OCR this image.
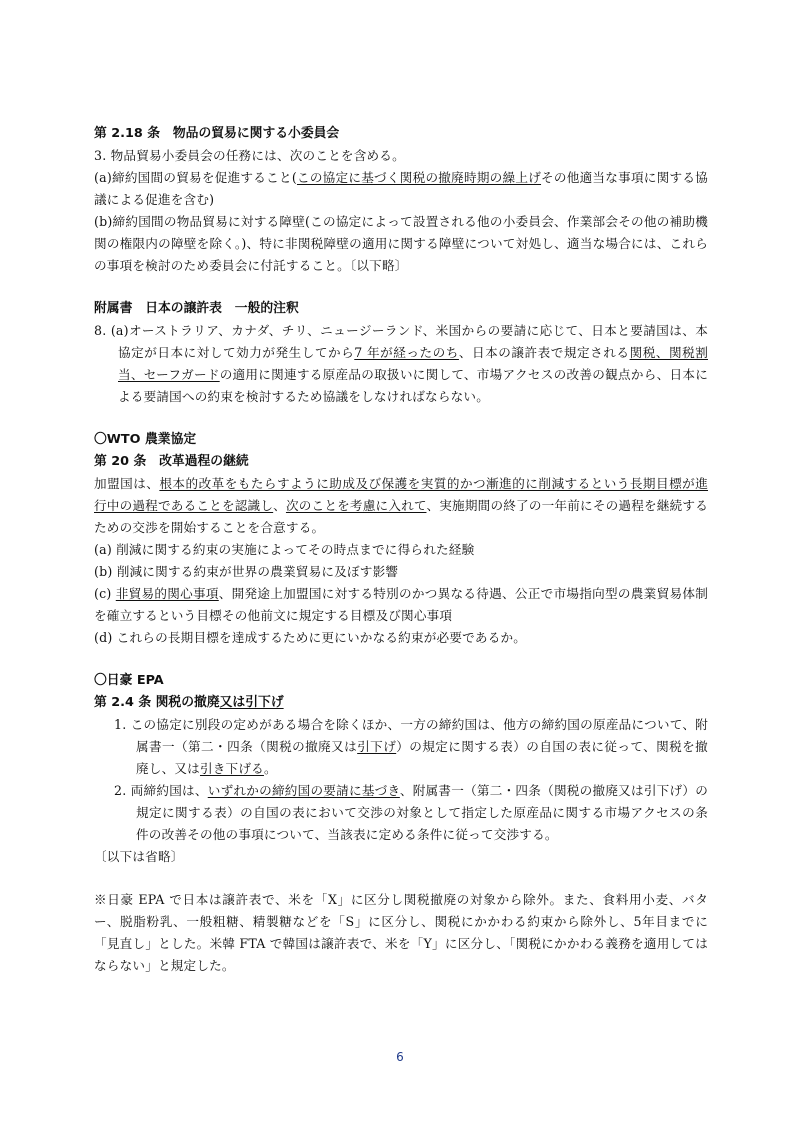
第 2.18 条　物品の貿易に関する小委員会

3. 物品貿易小委員会の任務には、次のことを含める。

(a)締約国間の貿易を促進すること(この協定に基づく関税の撤廃時期の繰上げその他適当な事項に関する協議による促進を含む)

(b)締約国間の物品貿易に対する障壁(この協定によって設置される他の小委員会、作業部会その他の補助機関の権限内の障壁を除く。)、特に非関税障壁の適用に関する障壁について対処し、適当な場合には、これらの事項を検討のため委員会に付託すること。〔以下略〕

附属書　日本の譲許表　一般的注釈

8. (a)オーストラリア、カナダ、チリ、ニュージーランド、米国からの要請に応じて、日本と要請国は、本協定が日本に対して効力が発生してから7 年が経ったのち、日本の譲許表で規定される関税、関税割当、セーフガードの適用に関連する原産品の取扱いに関して、市場アクセスの改善の観点から、日本による要請国への約束を検討するため協議をしなければならない。

〇WTO 農業協定

第 20 条　改革過程の継続

加盟国は、根本的改革をもたらすように助成及び保護を実質的かつ漸進的に削減するという長期目標が進行中の過程であることを認識し、次のことを考慮に入れて、実施期間の終了の一年前にその過程を継続するための交渉を開始することを合意する。

(a) 削減に関する約束の実施によってその時点までに得られた経験

(b) 削減に関する約束が世界の農業貿易に及ぼす影響

(c) 非貿易的関心事項、開発途上加盟国に対する特別のかつ異なる待遇、公正で市場指向型の農業貿易体制を確立するという目標その他前文に規定する目標及び関心事項

(d) これらの長期目標を達成するために更にいかなる約束が必要であるか。

〇日豪 EPA

第 2.4 条 関税の撤廃又は引下げ

1. この協定に別段の定めがある場合を除くほか、一方の締約国は、他方の締約国の原産品について、附属書一（第二・四条（関税の撤廃又は引下げ）の規定に関する表）の自国の表に従って、関税を撤廃し、又は引き下げる。

2. 両締約国は、いずれかの締約国の要請に基づき、附属書一（第二・四条（関税の撤廃又は引下げ）の規定に関する表）の自国の表において交渉の対象として指定した原産品に関する市場アクセスの条件の改善その他の事項について、当該表に定める条件に従って交渉する。

〔以下は省略〕

※日豪 EPA で日本は譲許表で、米を「X」に区分し関税撤廃の対象から除外。また、食料用小麦、バター、脱脂粉乳、一般粗糖、精製糖などを「S」に区分し、関税にかかわる約束から除外し、5年目までに「見直し」とした。米韓 FTA で韓国は譲許表で、米を「Y」に区分し、「関税にかかわる義務を適用してはならない」と規定した。

6
